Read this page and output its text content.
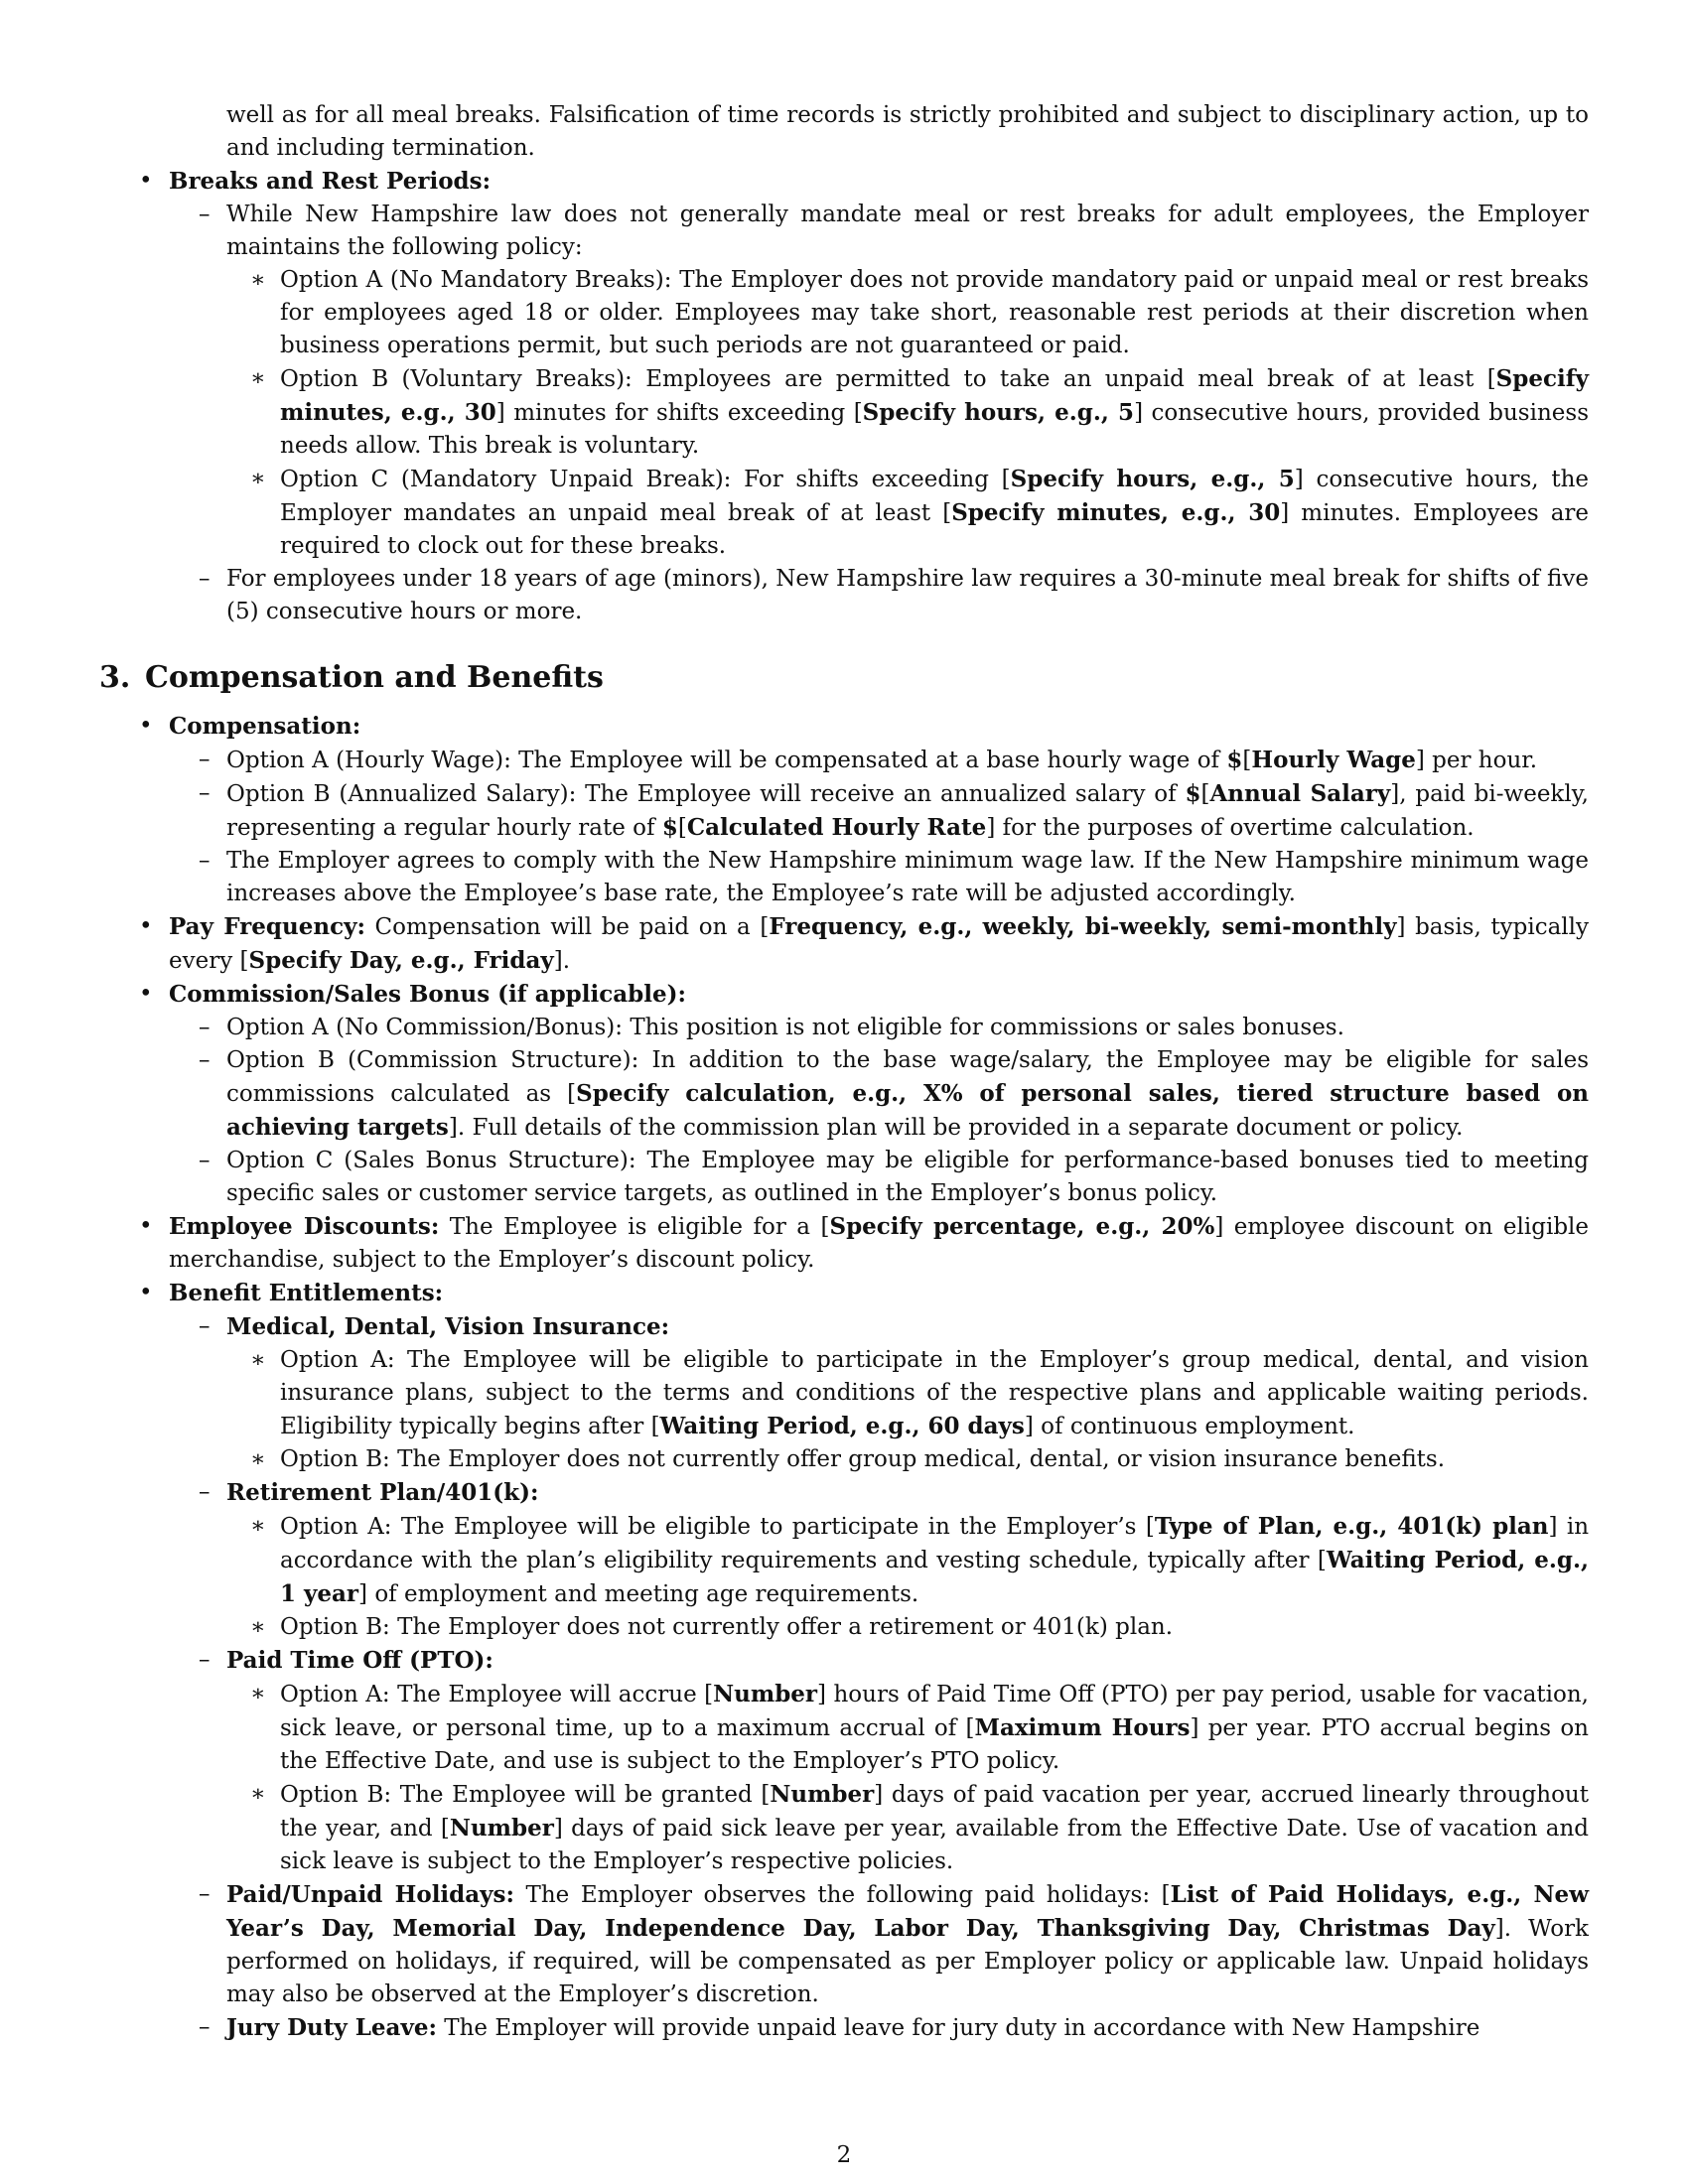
well as for all meal breaks. Falsification of time records is strictly prohibited and subject to disciplinary action, up to and including termination.
• Breaks and Rest Periods:
– While New Hampshire law does not generally mandate meal or rest breaks for adult employees, the Employer maintains the following policy:
∗ Option A (No Mandatory Breaks): The Employer does not provide mandatory paid or unpaid meal or rest breaks for employees aged 18 or older. Employees may take short, reasonable rest periods at their discretion when business operations permit, but such periods are not guaranteed or paid.
∗ Option B (Voluntary Breaks): Employees are permitted to take an unpaid meal break of at least [Specify minutes, e.g., 30] minutes for shifts exceeding [Specify hours, e.g., 5] consecutive hours, provided business needs allow. This break is voluntary.
∗ Option C (Mandatory Unpaid Break): For shifts exceeding [Specify hours, e.g., 5] consecutive hours, the Employer mandates an unpaid meal break of at least [Specify minutes, e.g., 30] minutes. Employees are required to clock out for these breaks.
– For employees under 18 years of age (minors), New Hampshire law requires a 30-minute meal break for shifts of five (5) consecutive hours or more.
3. Compensation and Benefits
• Compensation:
– Option A (Hourly Wage): The Employee will be compensated at a base hourly wage of $[Hourly Wage] per hour.
– Option B (Annualized Salary): The Employee will receive an annualized salary of $[Annual Salary], paid bi-weekly, representing a regular hourly rate of $[Calculated Hourly Rate] for the purposes of overtime calculation.
– The Employer agrees to comply with the New Hampshire minimum wage law. If the New Hampshire minimum wage increases above the Employee’s base rate, the Employee’s rate will be adjusted accordingly.
• Pay Frequency: Compensation will be paid on a [Frequency, e.g., weekly, bi-weekly, semi-monthly] basis, typically every [Specify Day, e.g., Friday].
• Commission/Sales Bonus (if applicable):
– Option A (No Commission/Bonus): This position is not eligible for commissions or sales bonuses.
– Option B (Commission Structure): In addition to the base wage/salary, the Employee may be eligible for sales commissions calculated as [Specify calculation, e.g., X% of personal sales, tiered structure based on achieving targets]. Full details of the commission plan will be provided in a separate document or policy.
– Option C (Sales Bonus Structure): The Employee may be eligible for performance-based bonuses tied to meeting specific sales or customer service targets, as outlined in the Employer’s bonus policy.
• Employee Discounts: The Employee is eligible for a [Specify percentage, e.g., 20%] employee discount on eligible merchandise, subject to the Employer’s discount policy.
• Benefit Entitlements:
– Medical, Dental, Vision Insurance:
∗ Option A: The Employee will be eligible to participate in the Employer’s group medical, dental, and vision insurance plans, subject to the terms and conditions of the respective plans and applicable waiting periods. Eligibility typically begins after [Waiting Period, e.g., 60 days] of continuous employment.
∗ Option B: The Employer does not currently offer group medical, dental, or vision insurance benefits.
– Retirement Plan/401(k):
∗ Option A: The Employee will be eligible to participate in the Employer’s [Type of Plan, e.g., 401(k) plan] in accordance with the plan’s eligibility requirements and vesting schedule, typically after [Waiting Period, e.g., 1 year] of employment and meeting age requirements.
∗ Option B: The Employer does not currently offer a retirement or 401(k) plan.
– Paid Time Off (PTO):
∗ Option A: The Employee will accrue [Number] hours of Paid Time Off (PTO) per pay period, usable for vacation, sick leave, or personal time, up to a maximum accrual of [Maximum Hours] per year. PTO accrual begins on the Effective Date, and use is subject to the Employer’s PTO policy.
∗ Option B: The Employee will be granted [Number] days of paid vacation per year, accrued linearly throughout the year, and [Number] days of paid sick leave per year, available from the Effective Date. Use of vacation and sick leave is subject to the Employer’s respective policies.
– Paid/Unpaid Holidays: The Employer observes the following paid holidays: [List of Paid Holidays, e.g., New Year’s Day, Memorial Day, Independence Day, Labor Day, Thanksgiving Day, Christmas Day]. Work performed on holidays, if required, will be compensated as per Employer policy or applicable law. Unpaid holidays may also be observed at the Employer’s discretion.
– Jury Duty Leave: The Employer will provide unpaid leave for jury duty in accordance with New Hampshire
2
